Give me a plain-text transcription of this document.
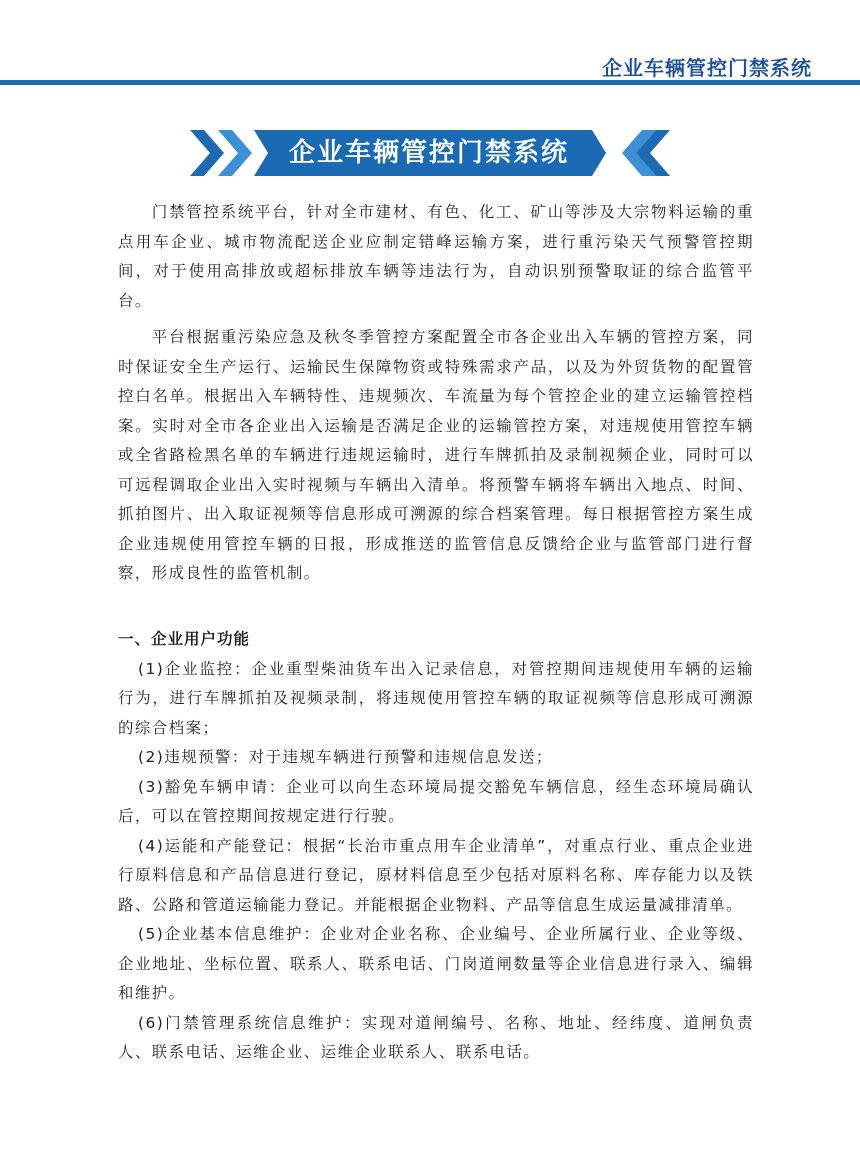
企业车辆管控门禁系统
企业车辆管控门禁系统

门禁管控系统平台，针对全市建材、有色、化工、矿山等涉及大宗物料运输的重点用车企业、城市物流配送企业应制定错峰运输方案，进行重污染天气预警管控期间，对于使用高排放或超标排放车辆等违法行为，自动识别预警取证的综合监管平台。

平台根据重污染应急及秋冬季管控方案配置全市各企业出入车辆的管控方案，同时保证安全生产运行、运输民生保障物资或特殊需求产品，以及为外贸货物的配置管控白名单。根据出入车辆特性、违规频次、车流量为每个管控企业的建立运输管控档案。实时对全市各企业出入运输是否满足企业的运输管控方案，对违规使用管控车辆或全省路检黑名单的车辆进行违规运输时，进行车牌抓拍及录制视频企业，同时可以可远程调取企业出入实时视频与车辆出入清单。将预警车辆将车辆出入地点、时间、抓拍图片、出入取证视频等信息形成可溯源的综合档案管理。每日根据管控方案生成企业违规使用管控车辆的日报，形成推送的监管信息反馈给企业与监管部门进行督察，形成良性的监管机制。

一、企业用户功能

(1)企业监控：企业重型柴油货车出入记录信息，对管控期间违规使用车辆的运输行为，进行车牌抓拍及视频录制，将违规使用管控车辆的取证视频等信息形成可溯源的综合档案；

(2)违规预警：对于违规车辆进行预警和违规信息发送；

(3)豁免车辆申请：企业可以向生态环境局提交豁免车辆信息，经生态环境局确认后，可以在管控期间按规定进行行驶。

(4)运能和产能登记：根据“长治市重点用车企业清单”，对重点行业、重点企业进行原料信息和产品信息进行登记，原材料信息至少包括对原料名称、库存能力以及铁路、公路和管道运输能力登记。并能根据企业物料、产品等信息生成运量减排清单。

(5)企业基本信息维护：企业对企业名称、企业编号、企业所属行业、企业等级、企业地址、坐标位置、联系人、联系电话、门岗道闸数量等企业信息进行录入、编辑和维护。

(6)门禁管理系统信息维护：实现对道闸编号、名称、地址、经纬度、道闸负责人、联系电话、运维企业、运维企业联系人、联系电话。
